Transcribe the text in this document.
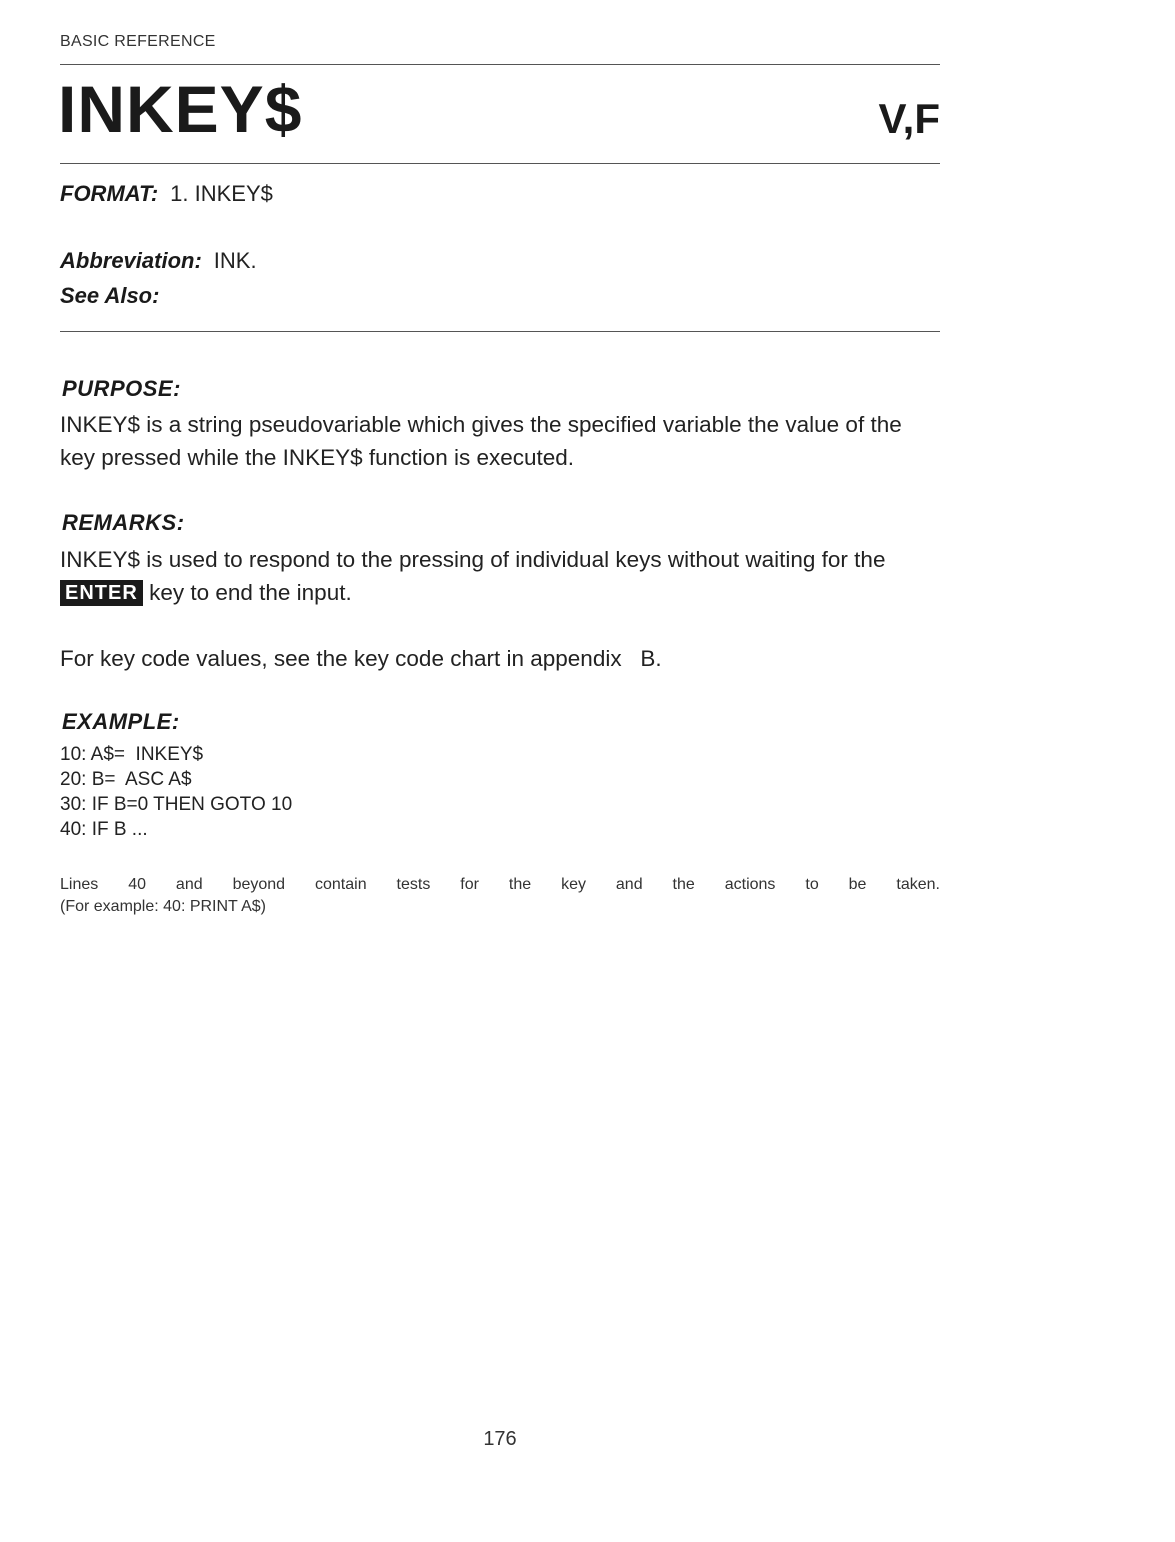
BASIC REFERENCE
INKEY$	V,F
FORMAT: 1. INKEY$
Abbreviation: INK.
See Also:
PURPOSE:
INKEY$ is a string pseudovariable which gives the specified variable the value of the key pressed while the INKEY$ function is executed.
REMARKS:
INKEY$ is used to respond to the pressing of individual keys without waiting for the ENTER key to end the input.
For key code values, see the key code chart in appendix   B.
EXAMPLE:
10: A$=  INKEY$
20: B=  ASC A$
30: IF B=0 THEN GOTO 10
40: IF B ...
Lines 40 and beyond contain tests for the key and the actions to be taken.
(For example: 40: PRINT A$)
176
